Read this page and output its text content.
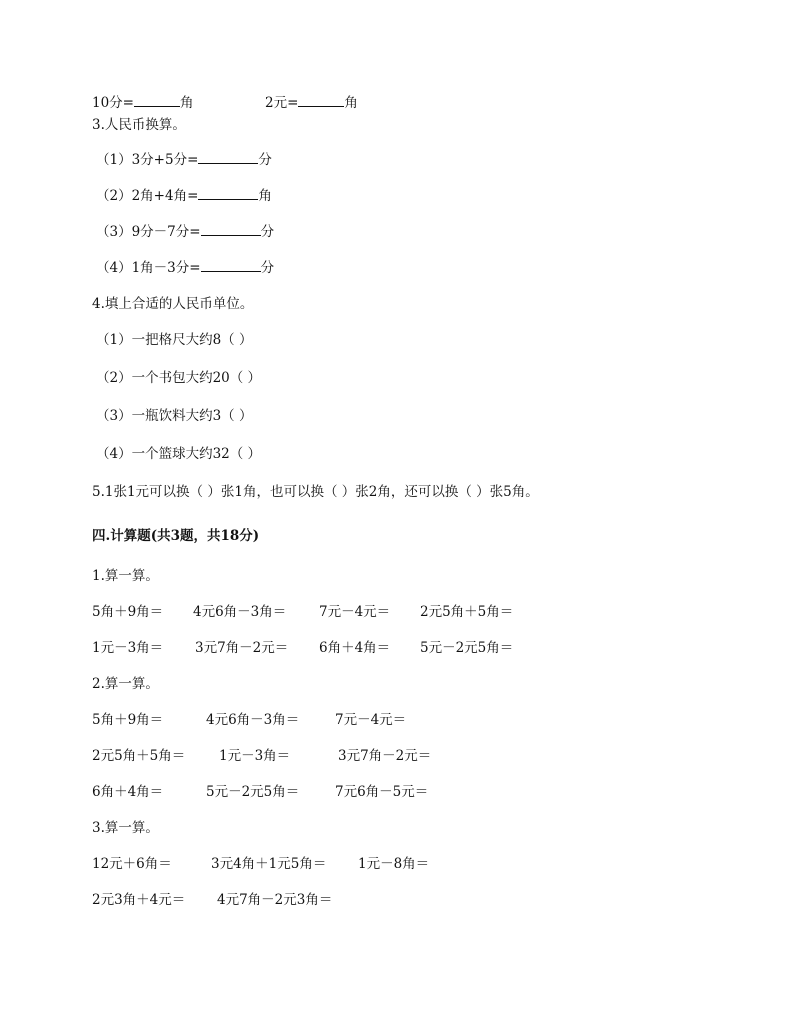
10分=	角	2元=	角
3.人民币换算。
（1）3分+5分=	分
（2）2角+4角=	角
（3）9分－7分=	分
（4）1角－3分=	分
4.填上合适的人民币单位。
（1）一把格尺大约8（ ）
（2）一个书包大约20（ ）
（3）一瓶饮料大约3（ ）
（4）一个篮球大约32（ ）
5.1张1元可以换（ ）张1角，也可以换（ ）张2角，还可以换（ ）张5角。
四.计算题(共3题，共18分)
1.算一算。
5角＋9角＝ 4元6角－3角＝ 7元－4元＝ 2元5角＋5角＝
1元－3角＝ 3元7角－2元＝ 6角＋4角＝ 5元－2元5角＝
2.算一算。
5角＋9角＝	4元6角－3角＝	7元－4元＝
2元5角＋5角＝ 1元－3角＝	3元7角－2元＝
6角＋4角＝	5元－2元5角＝	7元6角－5元＝
3.算一算。
12元＋6角＝	3元4角＋1元5角＝ 1元－8角＝
2元3角＋4元＝ 4元7角－2元3角＝
